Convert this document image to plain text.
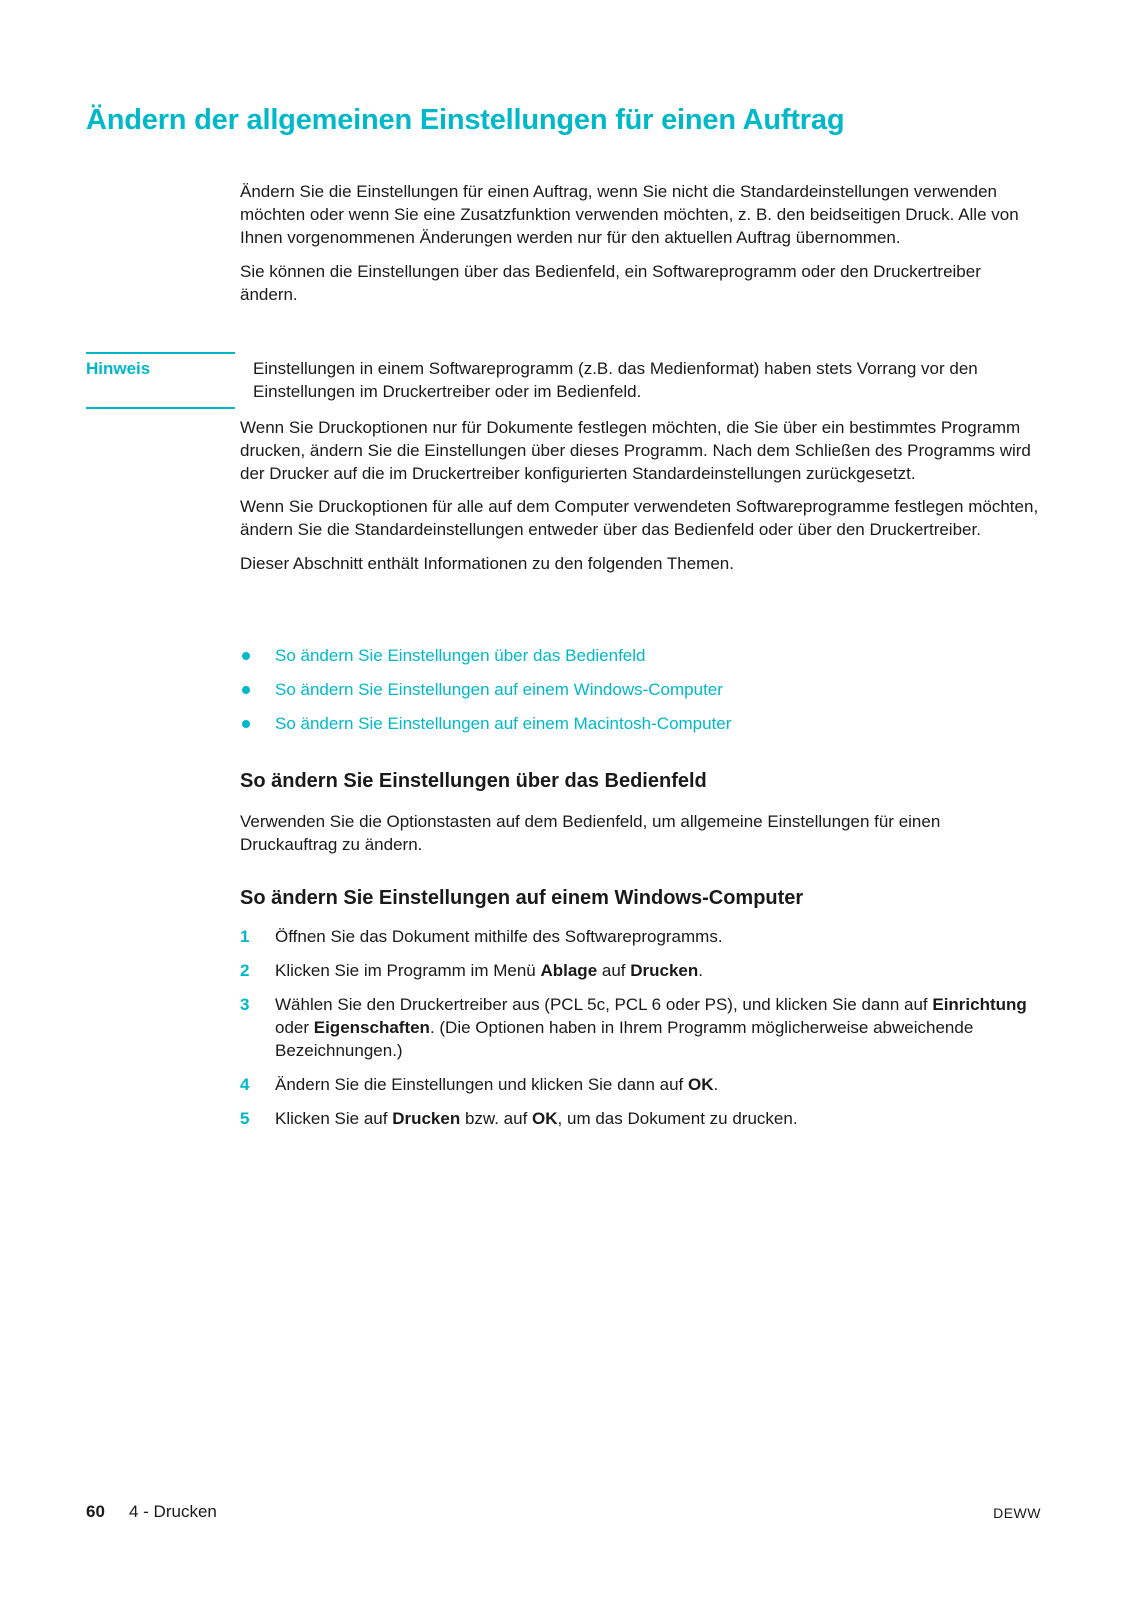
Ändern der allgemeinen Einstellungen für einen Auftrag

Ändern Sie die Einstellungen für einen Auftrag, wenn Sie nicht die Standardeinstellungen verwenden möchten oder wenn Sie eine Zusatzfunktion verwenden möchten, z. B. den beidseitigen Druck. Alle von Ihnen vorgenommenen Änderungen werden nur für den aktuellen Auftrag übernommen.

Sie können die Einstellungen über das Bedienfeld, ein Softwareprogramm oder den Druckertreiber ändern.

Hinweis	Einstellungen in einem Softwareprogramm (z.B. das Medienformat) haben stets Vorrang vor den Einstellungen im Druckertreiber oder im Bedienfeld.

Wenn Sie Druckoptionen nur für Dokumente festlegen möchten, die Sie über ein bestimmtes Programm drucken, ändern Sie die Einstellungen über dieses Programm. Nach dem Schließen des Programms wird der Drucker auf die im Druckertreiber konfigurierten Standardeinstellungen zurückgesetzt.

Wenn Sie Druckoptionen für alle auf dem Computer verwendeten Softwareprogramme festlegen möchten, ändern Sie die Standardeinstellungen entweder über das Bedienfeld oder über den Druckertreiber.

Dieser Abschnitt enthält Informationen zu den folgenden Themen.

So ändern Sie Einstellungen über das Bedienfeld
So ändern Sie Einstellungen auf einem Windows-Computer
So ändern Sie Einstellungen auf einem Macintosh-Computer
So ändern Sie Einstellungen über das Bedienfeld

Verwenden Sie die Optionstasten auf dem Bedienfeld, um allgemeine Einstellungen für einen Druckauftrag zu ändern.

So ändern Sie Einstellungen auf einem Windows-Computer
1 Öffnen Sie das Dokument mithilfe des Softwareprogramms.
2 Klicken Sie im Programm im Menü Ablage auf Drucken.
3 Wählen Sie den Druckertreiber aus (PCL 5c, PCL 6 oder PS), und klicken Sie dann auf Einrichtung oder Eigenschaften. (Die Optionen haben in Ihrem Programm möglicherweise abweichende Bezeichnungen.)
4 Ändern Sie die Einstellungen und klicken Sie dann auf OK.
5 Klicken Sie auf Drucken bzw. auf OK, um das Dokument zu drucken.
60 4 - Drucken	DEWW
